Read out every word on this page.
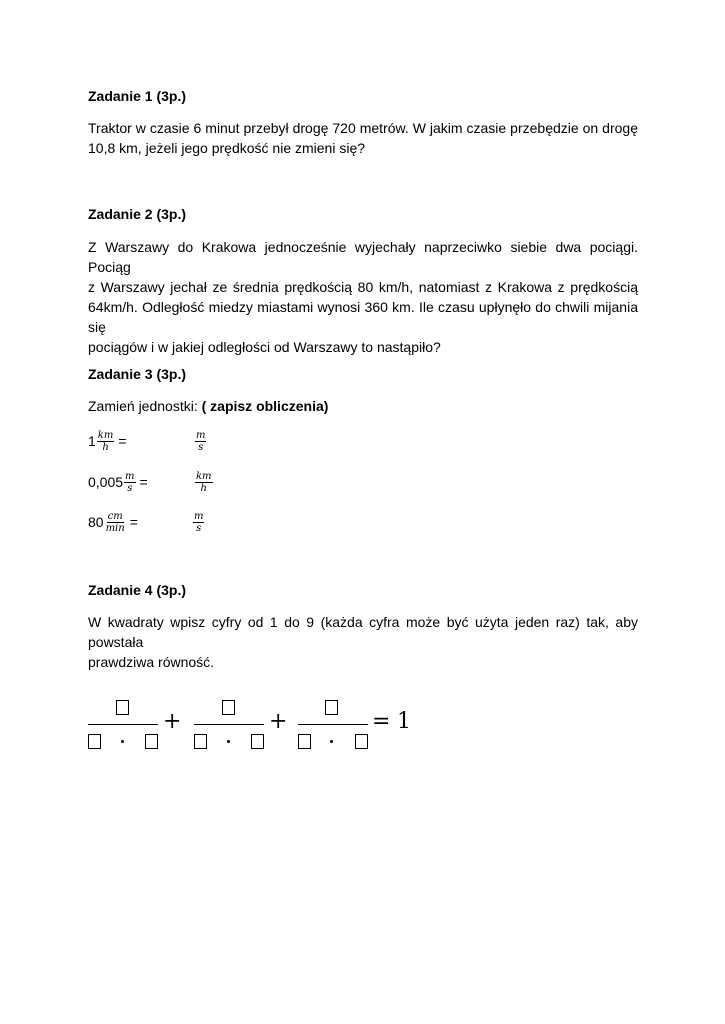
Zadanie 1 (3p.)
Traktor w czasie 6 minut przebył drogę 720 metrów. W jakim czasie przebędzie on drogę
10,8 km, jeżeli jego prędkość nie zmieni się?
Zadanie 2 (3p.)
Z Warszawy do Krakowa jednocześnie wyjechały naprzeciwko siebie dwa pociągi. Pociąg
z Warszawy jechał ze średnia prędkością 80 km/h, natomiast z Krakowa z prędkością
64km/h. Odległość miedzy miastami wynosi 360 km. Ile czasu upłynęło do chwili mijania się
pociągów i w jakiej odległości od Warszawy to nastąpiło?
Zadanie 3 (3p.)
Zamień jednostki: ( zapisz obliczenia)
$1 \frac{km}{h}$ =	$\frac{m}{s}$
$0,005 \frac{m}{s}$ =	$\frac{km}{h}$
$80 \frac{cm}{\min}$ =	$\frac{m}{s}$
Zadanie 4 (3p.)
W kwadraty wpisz cyfry od 1 do 9 (każda cyfra może być użyta jeden raz) tak, aby powstała
prawdziwa równość.
+	+	= 1
